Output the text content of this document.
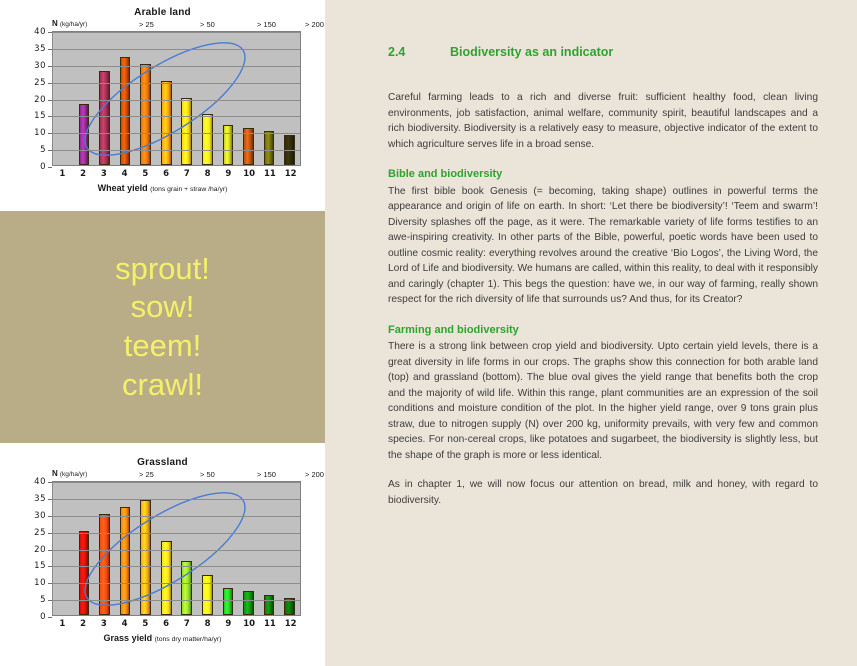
Arable land
N (kg/ha/yr)	> 25	> 50	> 150	> 200
0
5
10
15
20
25
30
35
40
1	2	3	4	5	6	7	8	9	10	11	12
Wheat yield (tons grain + straw /ha/yr)
sprout!
sow!
teem!
crawl!
Grassland
N (kg/ha/yr)	> 25	> 50	> 150	> 200
0
5
10
15
20
25
30
35
40
1	2	3	4	5	6	7	8	9	10	11	12
Grass yield (tons dry matter/ha/yr)
2.4	Biodiversity as an indicator

Careful farming leads to a rich and diverse fruit: sufficient healthy food, clean living environments, job satisfaction, animal welfare, community spirit, beautiful landscapes and a rich biodiversity. Biodiversity is a relatively easy to measure, objective indicator of the extent to which agriculture serves life in a broad sense.

Bible and biodiversity

The first bible book Genesis (= becoming, taking shape) outlines in powerful terms the appearance and origin of life on earth. In short: ‘Let there be biodiversity’! ‘Teem and swarm’! Diversity splashes off the page, as it were. The remarkable variety of life forms testifies to an awe-inspiring creativity. In other parts of the Bible, powerful, poetic words have been used to outline cosmic reality: everything revolves around the creative ‘Bio Logos’, the Living Word, the Lord of Life and biodiversity. We humans are called, within this reality, to deal with it responsibly and caringly (chapter 1). This begs the question: have we, in our way of farming, really shown respect for the rich diversity of life that surrounds us? And thus, for its Creator?

Farming and biodiversity

There is a strong link between crop yield and biodiversity. Upto certain yield levels, there is a great diversity in life forms in our crops. The graphs show this connection for both arable land (top) and grassland (bottom). The blue oval gives the yield range that benefits both the crop and the majority of wild life. Within this range, plant communities are an expression of the soil conditions and moisture condition of the plot. In the higher yield range, over 9 tons grain plus straw, due to nitrogen supply (N) over 200 kg, uniformity prevails, with very few and common species. For non-cereal crops, like potatoes and sugarbeet, the biodiversity is slightly less, but the shape of the graph is more or less identical.

As in chapter 1, we will now focus our attention on bread, milk and honey, with regard to biodiversity.
